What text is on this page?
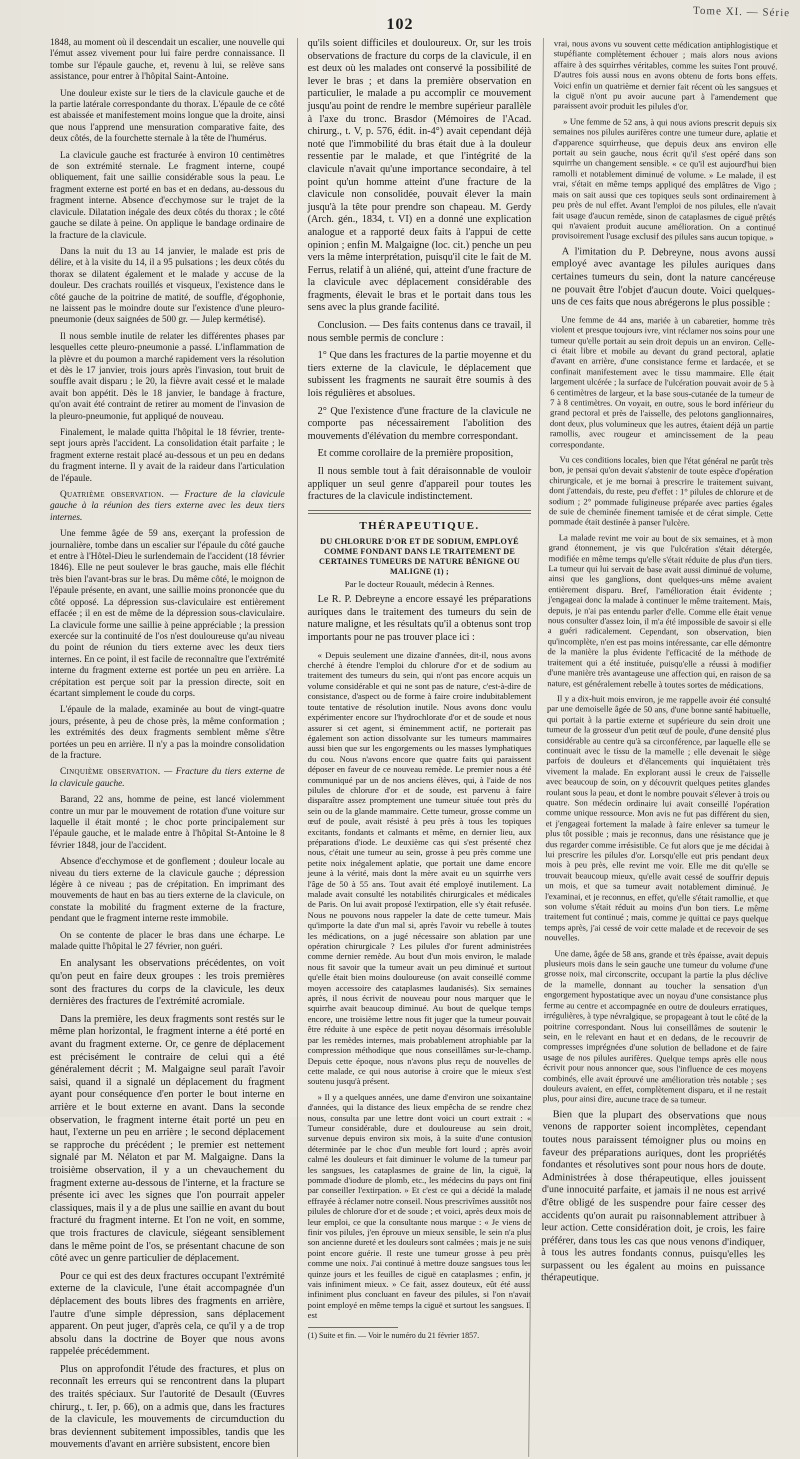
Tome XI. — Série
102

1848, au moment où il descendait un escalier, une nouvelle qui l'émut assez vivement pour lui faire perdre connaissance. Il tombe sur l'épaule gauche, et, revenu à lui, se relève sans assistance, pour entrer à l'hôpital Saint-Antoine.

Une douleur existe sur le tiers de la clavicule gauche et de la partie latérale correspondante du thorax. L'épaule de ce côté est abaissée et manifestement moins longue que la droite, ainsi que nous l'apprend une mensuration comparative faite, des deux côtés, de la fourchette sternale à la tête de l'humérus.

La clavicule gauche est fracturée à environ 10 centimètres de son extrémité sternale. Le fragment interne, coupé obliquement, fait une saillie considérable sous la peau. Le fragment externe est porté en bas et en dedans, au-dessous du fragment interne. Absence d'ecchymose sur le trajet de la clavicule. Dilatation inégale des deux côtés du thorax ; le côté gauche se dilate à peine. On applique le bandage ordinaire de la fracture de la clavicule.

Dans la nuit du 13 au 14 janvier, le malade est pris de délire, et à la visite du 14, il a 95 pulsations ; les deux côtés du thorax se dilatent également et le malade y accuse de la douleur. Des crachats rouillés et visqueux, l'existence dans le côté gauche de la poitrine de matité, de souffle, d'égophonie, ne laissent pas le moindre doute sur l'existence d'une pleuro-pneumonie (deux saignées de 500 gr. — Julep kermétisé).

Il nous semble inutile de relater les différentes phases par lesquelles cette pleuro-pneumonie a passé. L'inflammation de la plèvre et du poumon a marché rapidement vers la résolution et dès le 17 janvier, trois jours après l'invasion, tout bruit de souffle avait disparu ; le 20, la fièvre avait cessé et le malade avait bon appétit. Dès le 18 janvier, le bandage à fracture, qu'on avait été contraint de retirer au moment de l'invasion de la pleuro-pneumonie, fut appliqué de nouveau.

Finalement, le malade quitta l'hôpital le 18 février, trente-sept jours après l'accident. La consolidation était parfaite ; le fragment externe restait placé au-dessous et un peu en dedans du fragment interne. Il y avait de la raideur dans l'articulation de l'épaule.

Quatrième observation. — Fracture de la clavicule gauche à la réunion des tiers externe avec les deux tiers internes.

Une femme âgée de 59 ans, exerçant la profession de journalière, tombe dans un escalier sur l'épaule du côté gauche et entre à l'Hôtel-Dieu le surlendemain de l'accident (18 février 1846). Elle ne peut soulever le bras gauche, mais elle fléchit très bien l'avant-bras sur le bras. Du même côté, le moignon de l'épaule présente, en avant, une saillie moins prononcée que du côté opposé. La dépression sus-claviculaire est entièrement effacée ; il en est de même de la dépression sous-claviculaire. La clavicule forme une saillie à peine appréciable ; la pression exercée sur la continuité de l'os n'est douloureuse qu'au niveau du point de réunion du tiers externe avec les deux tiers internes. En ce point, il est facile de reconnaître que l'extrémité interne du fragment externe est portée un peu en arrière. La crépitation est perçue soit par la pression directe, soit en écartant simplement le coude du corps.

L'épaule de la malade, examinée au bout de vingt-quatre jours, présente, à peu de chose près, la même conformation ; les extrémités des deux fragments semblent même s'être portées un peu en arrière. Il n'y a pas la moindre consolidation de la fracture.

Cinquième observation. — Fracture du tiers externe de la clavicule gauche.

Barand, 22 ans, homme de peine, est lancé violemment contre un mur par le mouvement de rotation d'une voiture sur laquelle il était monté ; le choc porte principalement sur l'épaule gauche, et le malade entre à l'hôpital St-Antoine le 8 février 1848, jour de l'accident.

Absence d'ecchymose et de gonflement ; douleur locale au niveau du tiers externe de la clavicule gauche ; dépression légère à ce niveau ; pas de crépitation. En imprimant des mouvements de haut en bas au tiers externe de la clavicule, on constate la mobilité du fragment externe de la fracture, pendant que le fragment interne reste immobile.

On se contente de placer le bras dans une écharpe. Le malade quitte l'hôpital le 27 février, non guéri.

En analysant les observations précédentes, on voit qu'on peut en faire deux groupes : les trois premières sont des fractures du corps de la clavicule, les deux dernières des fractures de l'extrémité acromiale.

Dans la première, les deux fragments sont restés sur le même plan horizontal, le fragment interne a été porté en avant du fragment externe. Or, ce genre de déplacement est précisément le contraire de celui qui a été généralement décrit ; M. Malgaigne seul paraît l'avoir saisi, quand il a signalé un déplacement du fragment ayant pour conséquence d'en porter le bout interne en arrière et le bout externe en avant. Dans la seconde observation, le fragment interne était porté un peu en haut, l'externe un peu en arrière ; le second déplacement se rapproche du précédent ; le premier est nettement signalé par M. Nélaton et par M. Malgaigne. Dans la troisième observation, il y a un chevauchement du fragment externe au-dessous de l'interne, et la fracture se présente ici avec les signes que l'on pourrait appeler classiques, mais il y a de plus une saillie en avant du bout fracturé du fragment interne. Et l'on ne voit, en somme, que trois fractures de clavicule, siégeant sensiblement dans le même point de l'os, se présentant chacune de son côté avec un genre particulier de déplacement.

Pour ce qui est des deux fractures occupant l'extrémité externe de la clavicule, l'une était accompagnée d'un déplacement des bouts libres des fragments en arrière, l'autre d'une simple dépression, sans déplacement apparent. On peut juger, d'après cela, ce qu'il y a de trop absolu dans la doctrine de Boyer que nous avons rappelée précédemment.

Plus on approfondit l'étude des fractures, et plus on reconnaît les erreurs qui se rencontrent dans la plupart des traités spéciaux. Sur l'autorité de Desault (Œuvres chirurg., t. Ier, p. 66), on a admis que, dans les fractures de la clavicule, les mouvements de circumduction du bras deviennent subitement impossibles, tandis que les mouvements d'avant en arrière subsistent, encore bien

qu'ils soient difficiles et douloureux. Or, sur les trois observations de fracture du corps de la clavicule, il en est deux où les malades ont conservé la possibilité de lever le bras ; et dans la première observation en particulier, le malade a pu accomplir ce mouvement jusqu'au point de rendre le membre supérieur parallèle à l'axe du tronc. Brasdor (Mémoires de l'Acad. chirurg., t. V, p. 576, édit. in-4°) avait cependant déjà noté que l'immobilité du bras était due à la douleur ressentie par le malade, et que l'intégrité de la clavicule n'avait qu'une importance secondaire, à tel point qu'un homme atteint d'une fracture de la clavicule non consolidée, pouvait élever la main jusqu'à la tête pour prendre son chapeau. M. Gerdy (Arch. gén., 1834, t. VI) en a donné une explication analogue et a rapporté deux faits à l'appui de cette opinion ; enfin M. Malgaigne (loc. cit.) penche un peu vers la même interprétation, puisqu'il cite le fait de M. Ferrus, relatif à un aliéné, qui, atteint d'une fracture de la clavicule avec déplacement considérable des fragments, élevait le bras et le portait dans tous les sens avec la plus grande facilité.

Conclusion. — Des faits contenus dans ce travail, il nous semble permis de conclure :

1° Que dans les fractures de la partie moyenne et du tiers externe de la clavicule, le déplacement que subissent les fragments ne saurait être soumis à des lois régulières et absolues.

2° Que l'existence d'une fracture de la clavicule ne comporte pas nécessairement l'abolition des mouvements d'élévation du membre correspondant.

Et comme corollaire de la première proposition,

Il nous semble tout à fait déraisonnable de vouloir appliquer un seul genre d'appareil pour toutes les fractures de la clavicule indistinctement.

THÉRAPEUTIQUE.
DU CHLORURE D'OR ET DE SODIUM, EMPLOYÉ COMME FONDANT DANS LE TRAITEMENT DE CERTAINES TUMEURS DE NATURE BÉNIGNE OU MALIGNE (1) ;
Par le docteur Rouault, médecin à Rennes.

Le R. P. Debreyne a encore essayé les préparations auriques dans le traitement des tumeurs du sein de nature maligne, et les résultats qu'il a obtenus sont trop importants pour ne pas trouver place ici :

« Depuis seulement une dizaine d'années, dit-il, nous avons cherché à étendre l'emploi du chlorure d'or et de sodium au traitement des tumeurs du sein, qui n'ont pas encore acquis un volume considérable et qui ne sont pas de nature, c'est-à-dire de consistance, d'aspect ou de forme à faire croire indubitablement toute tentative de résolution inutile. Nous avons donc voulu expérimenter encore sur l'hydrochlorate d'or et de soude et nous assurer si cet agent, si éminemment actif, ne porterait pas également son action dissolvante sur les tumeurs mammaires aussi bien que sur les engorgements ou les masses lymphatiques du cou. Nous n'avons encore que quatre faits qui paraissent déposer en faveur de ce nouveau remède. Le premier nous a été communiqué par un de nos anciens élèves, qui, à l'aide de nos pilules de chlorure d'or et de soude, est parvenu à faire disparaître assez promptement une tumeur située tout près du sein ou de la glande mammaire. Cette tumeur, grosse comme un œuf de poule, avait résisté à peu près à tous les topiques excitants, fondants et calmants et même, en dernier lieu, aux préparations d'iode. Le deuxième cas qui s'est présenté chez nous, c'était une tumeur au sein, grosse à peu près comme une petite noix inégalement aplatie, que portait une dame encore jeune à la vérité, mais dont la mère avait eu un squirrhe vers l'âge de 50 à 55 ans. Tout avait été employé inutilement. La malade avait consulté les notabilités chirurgicales et médicales de Paris. On lui avait proposé l'extirpation, elle s'y était refusée. Nous ne pouvons nous rappeler la date de cette tumeur. Mais qu'importe la date d'un mal si, après l'avoir vu rebelle à toutes les médications, on a jugé nécessaire son ablation par une opération chirurgicale ? Les pilules d'or furent administrées comme dernier remède. Au bout d'un mois environ, le malade nous fit savoir que la tumeur avait un peu diminué et surtout qu'elle était bien moins douloureuse (on avait conseillé comme moyen accessoire des cataplasmes laudanisés). Six semaines après, il nous écrivit de nouveau pour nous marquer que le squirrhe avait beaucoup diminué. Au bout de quelque temps encore, une troisième lettre nous fit juger que la tumeur pouvait être réduite à une espèce de petit noyau désormais irrésoluble par les remèdes internes, mais probablement atrophiable par la compression méthodique que nous conseillâmes sur-le-champ. Depuis cette époque, nous n'avons plus reçu de nouvelles de cette malade, ce qui nous autorise à croire que le mieux s'est soutenu jusqu'à présent.

» Il y a quelques années, une dame d'environ une soixantaine d'années, qui la distance des lieux empêcha de se rendre chez nous, consulta par une lettre dont voici un court extrait : « Tumeur considérable, dure et douloureuse au sein droit, survenue depuis environ six mois, à la suite d'une contusion déterminée par le choc d'un meuble fort lourd ; après avoir calmé les douleurs et fait diminuer le volume de la tumeur par les sangsues, les cataplasmes de graine de lin, la ciguë, la pommade d'iodure de plomb, etc., les médecins du pays ont fini par conseiller l'extirpation. » Et c'est ce qui a décidé la malade effrayée à réclamer notre conseil. Nous prescrivîmes aussitôt nos pilules de chlorure d'or et de soude ; et voici, après deux mois de leur emploi, ce que la consultante nous marque : « Je viens de finir vos pilules, j'en éprouve un mieux sensible, le sein n'a plus son ancienne dureté et les douleurs sont calmées ; mais je ne suis point encore guérie. Il reste une tumeur grosse à peu près comme une noix. J'ai continué à mettre douze sangsues tous les quinze jours et les feuilles de ciguë en cataplasmes ; enfin, je vais infiniment mieux. » Ce fait, assez douteux, eût été aussi infiniment plus concluant en faveur des pilules, si l'on n'avait point employé en même temps la ciguë et surtout les sangsues. Il est

(1) Suite et fin. — Voir le numéro du 21 février 1857.

vrai, nous avons vu souvent cette médication antiphlogistique et stupéfiante complètement échouer ; mais alors nous avions affaire à des squirrhes véritables, comme les suites l'ont prouvé. D'autres fois aussi nous en avons obtenu de forts bons effets. Voici enfin un quatrième et dernier fait récent où les sangsues et la ciguë n'ont pu avoir aucune part à l'amendement que paraissent avoir produit les pilules d'or.

» Une femme de 52 ans, à qui nous avions prescrit depuis six semaines nos pilules aurifères contre une tumeur dure, aplatie et d'apparence squirrheuse, que depuis deux ans environ elle portait au sein gauche, nous écrit qu'il s'est opéré dans son squirrhe un changement sensible. « ce qu'il est aujourd'hui bien ramolli et notablement diminué de volume. » Le malade, il est vrai, s'était en même temps appliqué des emplâtres de Vigo ; mais on sait aussi que ces topiques seuls sont ordinairement à peu près de nul effet. Avant l'emploi de nos pilules, elle n'avait fait usage d'aucun remède, sinon de cataplasmes de ciguë prêtés qui n'avaient produit aucune amélioration. On a continué provisoirement l'usage exclusif des pilules sans aucun topique. »

A l'imitation du P. Debreyne, nous avons aussi employé avec avantage les pilules auriques dans certaines tumeurs du sein, dont la nature cancéreuse ne pouvait être l'objet d'aucun doute. Voici quelques-uns de ces faits que nous abrégerons le plus possible :

Une femme de 44 ans, mariée à un cabaretier, homme très violent et presque toujours ivre, vint réclamer nos soins pour une tumeur qu'elle portait au sein droit depuis un an environ. Celle-ci était libre et mobile au devant du grand pectoral, aplatie d'avant en arrière, d'une consistance ferme et lardacée, et se confinait manifestement avec le tissu mammaire. Elle était largement ulcérée ; la surface de l'ulcération pouvait avoir de 5 à 6 centimètres de largeur, et la base sous-cutanée de la tumeur de 7 à 8 centimètres. On voyait, en outre, sous le bord inférieur du grand pectoral et près de l'aisselle, des pelotons ganglionnaires, dont deux, plus volumineux que les autres, étaient déjà un partie ramollis, avec rougeur et amincissement de la peau correspondante.

Vu ces conditions locales, bien que l'état général ne parût très bon, je pensai qu'on devait s'abstenir de toute espèce d'opération chirurgicale, et je me bornai à prescrire le traitement suivant, dont j'attendais, du reste, peu d'effet : 1° pilules de chlorure et de sodium ; 2° pommade fuligineuse préparée avec parties égales de suie de cheminée finement tamisée et de cérat simple. Cette pommade était destinée à panser l'ulcère.

La malade revint me voir au bout de six semaines, et à mon grand étonnement, je vis que l'ulcération s'était détergée, modifiée en même temps qu'elle s'était réduite de plus d'un tiers. La tumeur qui lui servait de base avait aussi diminué de volume, ainsi que les ganglions, dont quelques-uns même avaient entièrement disparu. Bref, l'amélioration était évidente ; j'engageai donc la malade à continuer le même traitement. Mais, depuis, je n'ai pas entendu parler d'elle. Comme elle était venue nous consulter d'assez loin, il m'a été impossible de savoir si elle a guéri radicalement. Cependant, son observation, bien qu'incomplète, n'en est pas moins intéressante, car elle démontre de la manière la plus évidente l'efficacité de la méthode de traitement qui a été instituée, puisqu'elle a réussi à modifier d'une manière très avantageuse une affection qui, en raison de sa nature, est généralement rebelle à toutes sortes de médications.

Il y a dix-huit mois environ, je me rappelle avoir été consulté par une demoiselle âgée de 50 ans, d'une bonne santé habituelle, qui portait à la partie externe et supérieure du sein droit une tumeur de la grosseur d'un petit œuf de poule, d'une densité plus considérable au centre qu'à sa circonférence, par laquelle elle se continuait avec le tissu de la mamelle ; elle devenait le siège parfois de douleurs et d'élancements qui inquiétaient très vivement la malade. En explorant aussi le creux de l'aisselle avec beaucoup de soin, on y découvrit quelques petites glandes roulant sous la peau, et dont le nombre pouvait s'élever à trois ou quatre. Son médecin ordinaire lui avait conseillé l'opération comme unique ressource. Mon avis ne fut pas différent du sien, et j'engageai fortement la malade à faire enlever sa tumeur le plus tôt possible ; mais je reconnus, dans une résistance que je dus regarder comme irrésistible. Ce fut alors que je me décidai à lui prescrire les pilules d'or. Lorsqu'elle eut pris pendant deux mois à peu près, elle revint me voir. Elle me dit qu'elle se trouvait beaucoup mieux, qu'elle avait cessé de souffrir depuis un mois, et que sa tumeur avait notablement diminué. Je l'examinai, et je reconnus, en effet, qu'elle s'était ramollie, et que son volume s'était réduit au moins d'un bon tiers. Le même traitement fut continué ; mais, comme je quittai ce pays quelque temps après, j'ai cessé de voir cette malade et de recevoir de ses nouvelles.

Une dame, âgée de 58 ans, grande et très épaisse, avait depuis plusieurs mois dans le sein gauche une tumeur du volume d'une grosse noix, mal circonscrite, occupant la partie la plus déclive de la mamelle, donnant au toucher la sensation d'un engorgement hypostatique avec un noyau d'une consistance plus ferme au centre et accompagnée en outre de douleurs erratiques, irrégulières, à type névralgique, se propageant à tout le côté de la poitrine correspondant. Nous lui conseillâmes de soutenir le sein, en le relevant en haut et en dedans, de le recouvrir de compresses imprégnées d'une solution de belladone et de faire usage de nos pilules aurifères. Quelque temps après elle nous écrivit pour nous annoncer que, sous l'influence de ces moyens combinés, elle avait éprouvé une amélioration très notable ; ses douleurs avaient, en effet, complètement disparu, et il ne restait plus, pour ainsi dire, aucune trace de sa tumeur.

Bien que la plupart des observations que nous venons de rapporter soient incomplètes, cependant toutes nous paraissent témoigner plus ou moins en faveur des préparations auriques, dont les propriétés fondantes et résolutives sont pour nous hors de doute. Administrées à dose thérapeutique, elles jouissent d'une innocuité parfaite, et jamais il ne nous est arrivé d'être obligé de les suspendre pour faire cesser des accidents qu'on aurait pu raisonnablement attribuer à leur action. Cette considération doit, je crois, les faire préférer, dans tous les cas que nous venons d'indiquer, à tous les autres fondants connus, puisqu'elles les surpassent ou les égalent au moins en puissance thérapeutique.
